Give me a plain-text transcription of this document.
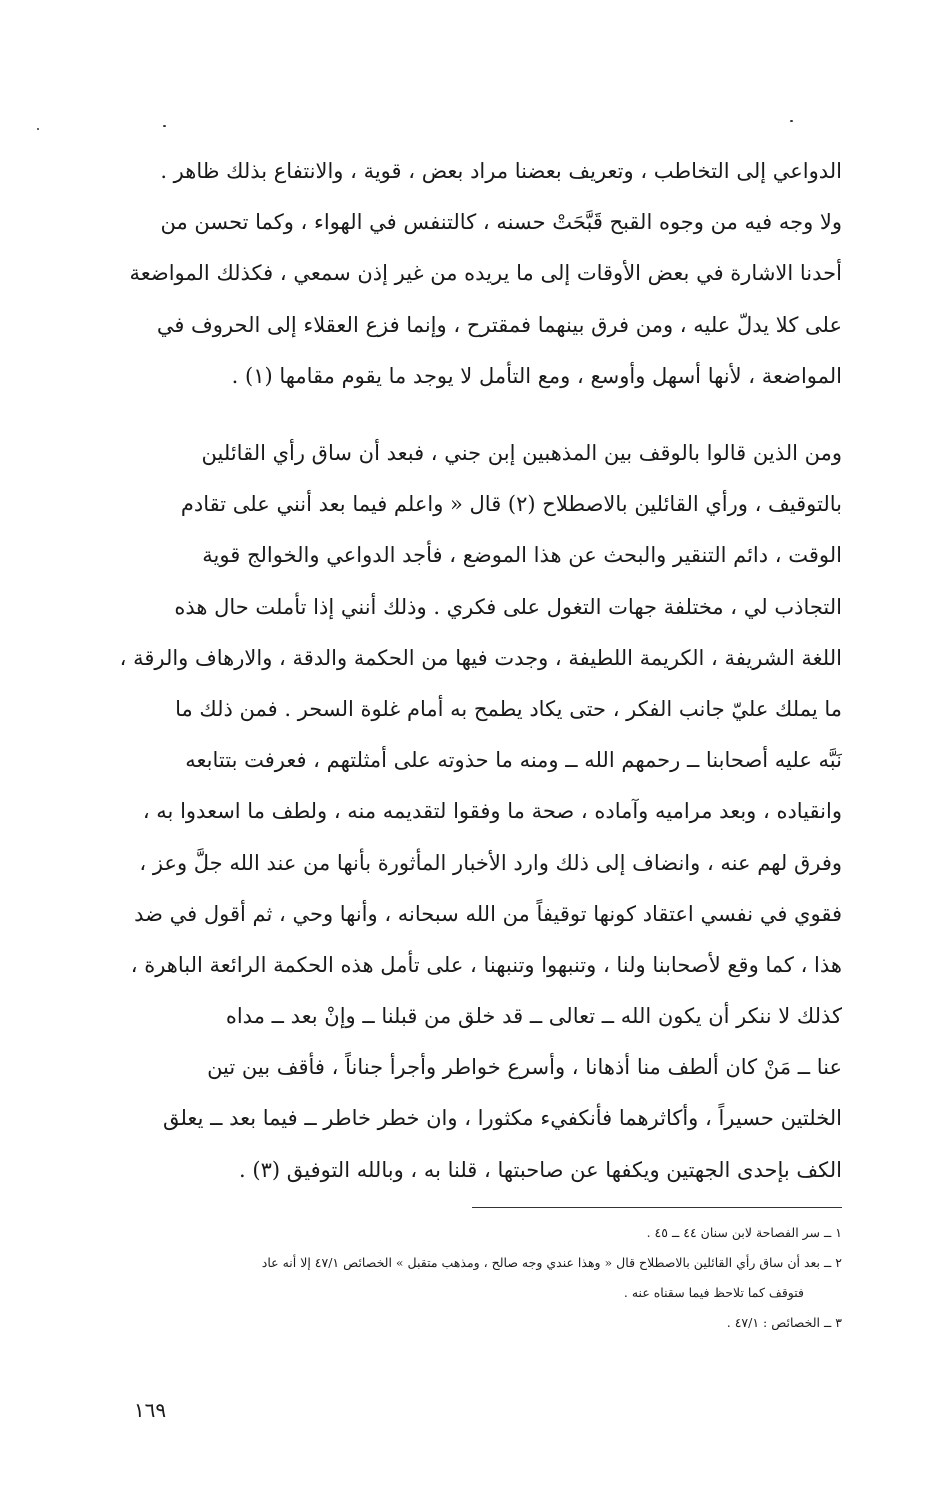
الدواعي إلى التخاطب ، وتعريف بعضنا مراد بعض ، قوية ، والانتفاع بذلك ظاهر .
ولا وجه فيه من وجوه القبح قَبَّحَتْ حسنه ، كالتنفس في الهواء ، وكما تحسن من
أحدنا الاشارة في بعض الأوقات إلى ما يريده من غير إذن سمعي ، فكذلك المواضعة
على كلا يدلّ عليه ، ومن فرق بينهما فمقترح ، وإنما فزع العقلاء إلى الحروف في
المواضعة ، لأنها أسهل وأوسع ، ومع التأمل لا يوجد ما يقوم مقامها (١) .
ومن الذين قالوا بالوقف بين المذهبين إبن جني ، فبعد أن ساق رأي القائلين
بالتوقيف ، ورأي القائلين بالاصطلاح (٢) قال « واعلم فيما بعد أنني على تقادم
الوقت ، دائم التنقير والبحث عن هذا الموضع ، فأجد الدواعي والخوالج قوية
التجاذب لي ، مختلفة جهات التغول على فكري . وذلك أنني إذا تأملت حال هذه
اللغة الشريفة ، الكريمة اللطيفة ، وجدت فيها من الحكمة والدقة ، والارهاف والرقة ،
ما يملك عليّ جانب الفكر ، حتى يكاد يطمح به أمام غلوة السحر . فمن ذلك ما
نَبَّه عليه أصحابنا ــ رحمهم الله ــ ومنه ما حذوته على أمثلتهم ، فعرفت بتتابعه
وانقياده ، وبعد مراميه وآماده ، صحة ما وفقوا لتقديمه منه ، ولطف ما اسعدوا به ،
وفرق لهم عنه ، وانضاف إلى ذلك وارد الأخبار المأثورة بأنها من عند الله جلَّ وعز ،
فقوي في نفسي اعتقاد كونها توقيفاً من الله سبحانه ، وأنها وحي ، ثم أقول في ضد
هذا ، كما وقع لأصحابنا ولنا ، وتنبهوا وتنبهنا ، على تأمل هذه الحكمة الرائعة الباهرة ،
كذلك لا ننكر أن يكون الله ــ تعالى ــ قد خلق من قبلنا ــ وإنْ بعد ــ مداه
عنا ــ مَنْ كان ألطف منا أذهانا ، وأسرع خواطر وأجرأ جناناً ، فأقف بين تين
الخلتين حسيراً ، وأكاثرهما فأنكفيء مكثورا ، وان خطر خاطر ــ فيما بعد ــ يعلق
الكف بإحدى الجهتين ويكفها عن صاحبتها ، قلنا به ، وبالله التوفيق (٣) .
١ ــ سر الفصاحة لابن سنان ٤٤ ــ ٤٥ .
٢ ــ بعد أن ساق رأي القائلين بالاصطلاح قال « وهذا عندي وجه صالح ، ومذهب متقبل » الخصائص ٤٧/١ إلا أنه عاد
فتوقف كما تلاحظ فيما سقناه عنه .
٣ ــ الخصائص : ٤٧/١ .
١٦٩
